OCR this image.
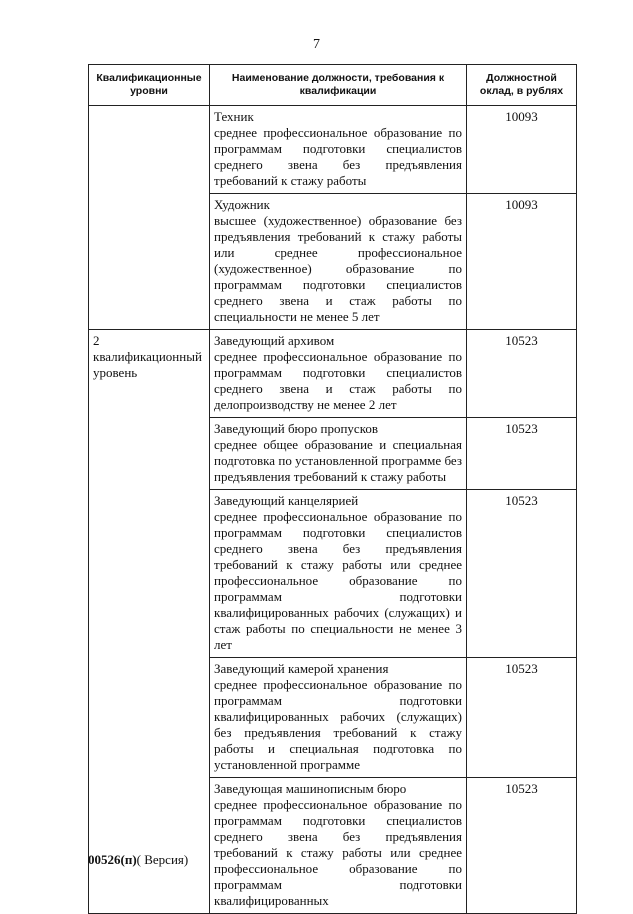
7
Квалификационные уровни	Наименование должности, требования к квалификации	Должностной оклад, в рублях

	Техник
среднее профессиональное образование по программам подготовки специалистов среднего звена без предъявления требований к стажу работы	10093

	Художник
высшее (художественное) образование без предъявления требований к стажу работы или среднее профессиональное (художественное) образование по программам подготовки специалистов среднего звена и стаж работы по специальности не менее 5 лет	10093
2 квалификационный уровень	Заведующий архивом
среднее профессиональное образование по программам подготовки специалистов среднего звена и стаж работы по делопроизводству не менее 2 лет	10523

	Заведующий бюро пропусков
среднее общее образование и специальная подготовка по установленной программе без предъявления требований к стажу работы	10523

	Заведующий канцелярией
среднее профессиональное образование по программам подготовки специалистов среднего звена без предъявления требований к стажу работы или среднее профессиональное образование по программам подготовки квалифицированных рабочих (служащих) и стаж работы по специальности не менее 3 лет	10523

	Заведующий камерой хранения
среднее профессиональное образование по программам подготовки квалифицированных рабочих (служащих) без предъявления требований к стажу работы и специальная подготовка по установленной программе	10523

	Заведующая машинописным бюро
среднее профессиональное образование по программам подготовки специалистов среднего звена без предъявления требований к стажу работы или среднее профессиональное образование по программам подготовки квалифицированных	10523
00526(п)( Версия)
